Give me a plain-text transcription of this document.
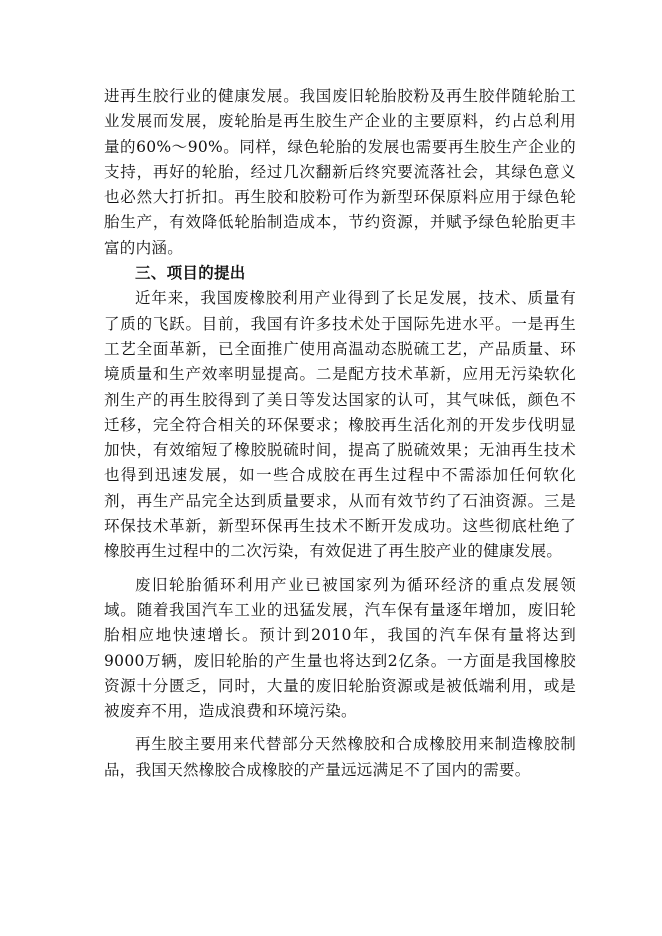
进再生胶行业的健康发展。我国废旧轮胎胶粉及再生胶伴随轮胎工业发展而发展，废轮胎是再生胶生产企业的主要原料，约占总利用量的60%～90%。同样，绿色轮胎的发展也需要再生胶生产企业的支持，再好的轮胎，经过几次翻新后终究要流落社会，其绿色意义也必然大打折扣。再生胶和胶粉可作为新型环保原料应用于绿色轮胎生产，有效降低轮胎制造成本，节约资源，并赋予绿色轮胎更丰富的内涵。

三、项目的提出

近年来，我国废橡胶利用产业得到了长足发展，技术、质量有了质的飞跃。目前，我国有许多技术处于国际先进水平。一是再生工艺全面革新，已全面推广使用高温动态脱硫工艺，产品质量、环境质量和生产效率明显提高。二是配方技术革新，应用无污染软化剂生产的再生胶得到了美日等发达国家的认可，其气味低，颜色不迁移，完全符合相关的环保要求；橡胶再生活化剂的开发步伐明显加快，有效缩短了橡胶脱硫时间，提高了脱硫效果；无油再生技术也得到迅速发展，如一些合成胶在再生过程中不需添加任何软化剂，再生产品完全达到质量要求，从而有效节约了石油资源。三是环保技术革新，新型环保再生技术不断开发成功。这些彻底杜绝了橡胶再生过程中的二次污染，有效促进了再生胶产业的健康发展。

废旧轮胎循环利用产业已被国家列为循环经济的重点发展领域。随着我国汽车工业的迅猛发展，汽车保有量逐年增加，废旧轮胎相应地快速增长。预计到2010年，我国的汽车保有量将达到9000万辆，废旧轮胎的产生量也将达到2亿条。一方面是我国橡胶资源十分匮乏，同时，大量的废旧轮胎资源或是被低端利用，或是被废弃不用，造成浪费和环境污染。

再生胶主要用来代替部分天然橡胶和合成橡胶用来制造橡胶制品，我国天然橡胶合成橡胶的产量远远满足不了国内的需要。
